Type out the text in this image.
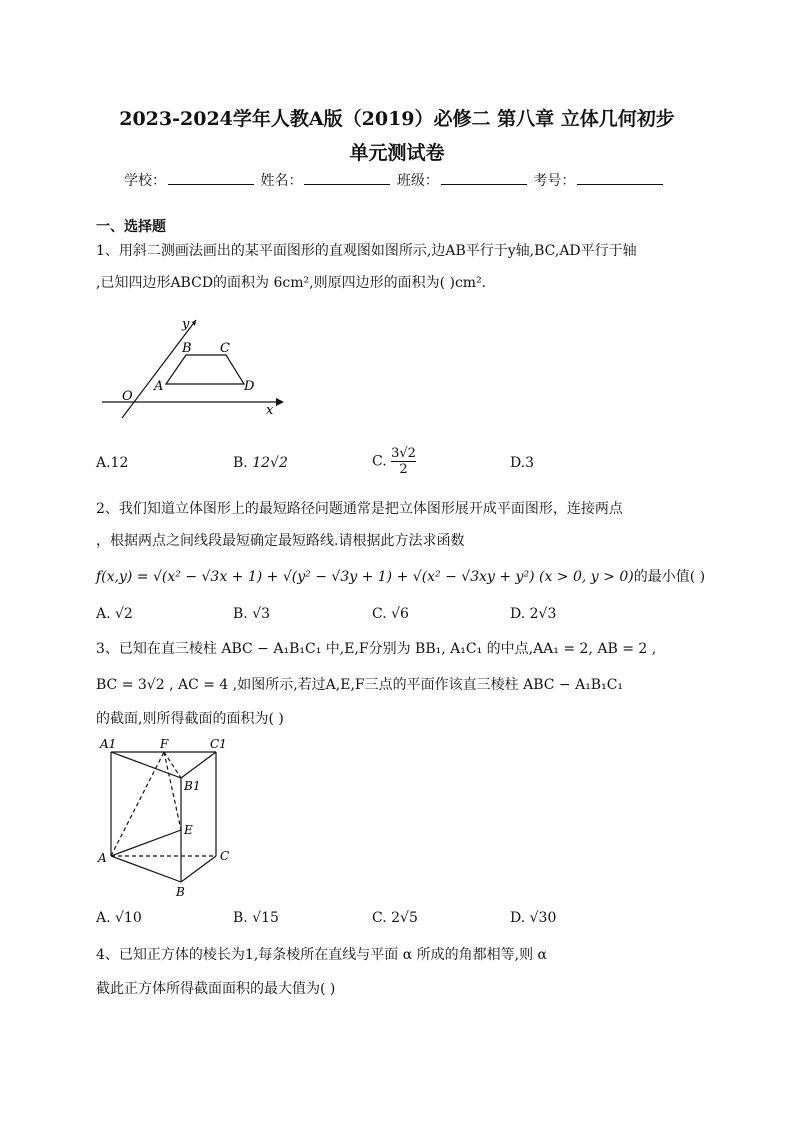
2023-2024学年人教A版（2019）必修二 第八章 立体几何初步
单元测试卷
学校：	姓名：	班级：	考号：
一、选择题
1、用斜二测画法画出的某平面图形的直观图如图所示,边AB平行于y轴,BC,AD平行于轴
,已知四边形ABCD的面积为 6cm²,则原四边形的面积为( )cm².
y
B C
A	D
O
x
A.12	B. 12√2	C. $\frac{3√2}{2}$	D.3
2、我们知道立体图形上的最短路径问题通常是把立体图形展开成平面图形，连接两点
，根据两点之间线段最短确定最短路线.请根据此方法求函数
f(x,y) = √(x² − √3x + 1) + √(y² − √3y + 1) + √(x² − √3xy + y²) (x > 0, y > 0)的最小值( )
A. √2	B. √3	C. √6	D. 2√3
3、已知在直三棱柱 ABC − A₁B₁C₁ 中,E,F分别为 BB₁, A₁C₁ 的中点,AA₁ = 2, AB = 2 ,
BC = 3√2 , AC = 4 ,如图所示,若过A,E,F三点的平面作该直三棱柱 ABC − A₁B₁C₁
的截面,则所得截面的面积为( )
A1	F	C1
B1
E
A	C
B
A. √10	B. √15	C. 2√5	D. √30
4、已知正方体的棱长为1,每条棱所在直线与平面 α 所成的角都相等,则 α
截此正方体所得截面面积的最大值为( )
